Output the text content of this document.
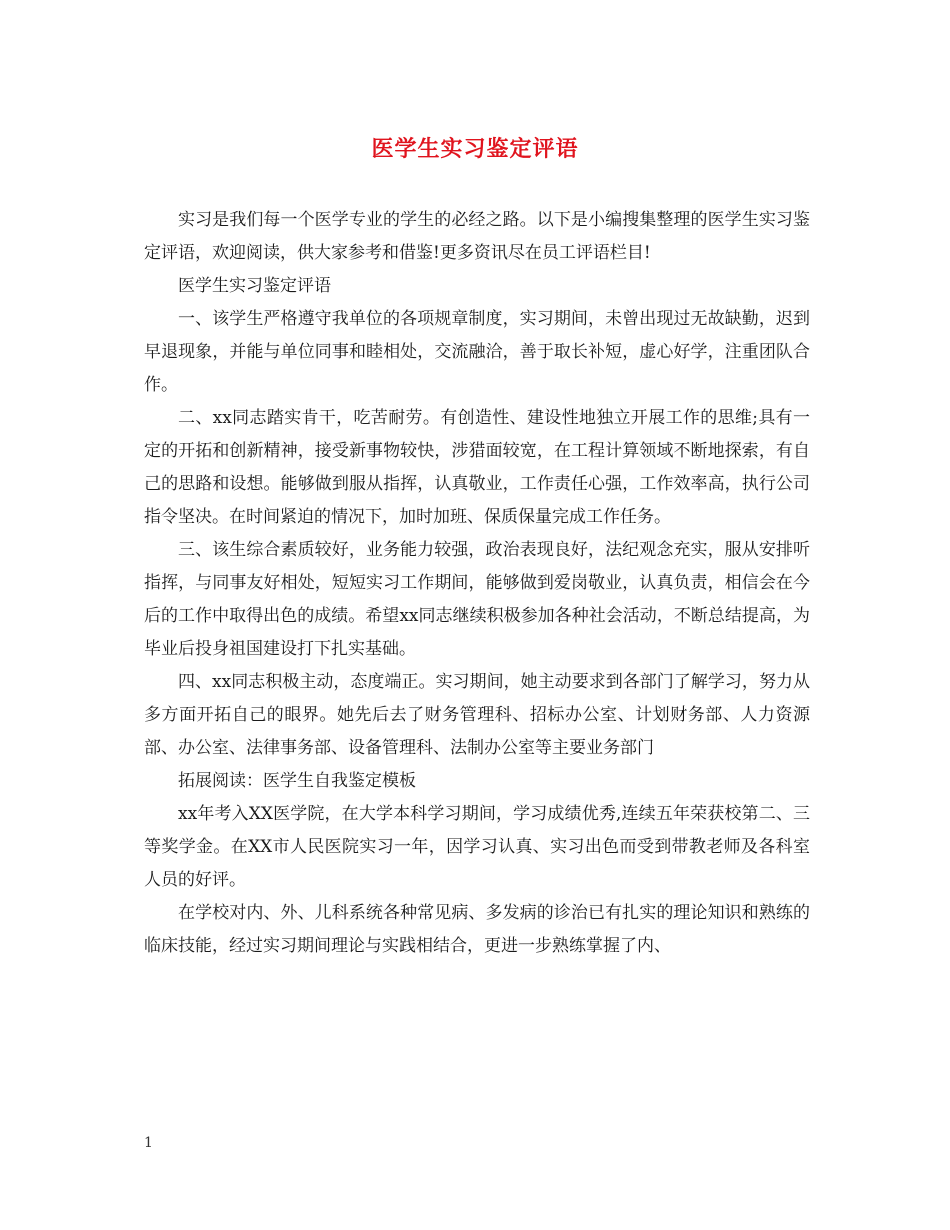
医学生实习鉴定评语

实习是我们每一个医学专业的学生的必经之路。以下是小编搜集整理的医学生实习鉴定评语，欢迎阅读，供大家参考和借鉴!更多资讯尽在员工评语栏目!

医学生实习鉴定评语

一、该学生严格遵守我单位的各项规章制度，实习期间，未曾出现过无故缺勤，迟到早退现象，并能与单位同事和睦相处，交流融洽，善于取长补短，虚心好学，注重团队合作。

二、xx同志踏实肯干，吃苦耐劳。有创造性、建设性地独立开展工作的思维;具有一定的开拓和创新精神，接受新事物较快，涉猎面较宽，在工程计算领域不断地探索，有自己的思路和设想。能够做到服从指挥，认真敬业，工作责任心强，工作效率高，执行公司指令坚决。在时间紧迫的情况下，加时加班、保质保量完成工作任务。

三、该生综合素质较好，业务能力较强，政治表现良好，法纪观念充实，服从安排听指挥，与同事友好相处，短短实习工作期间，能够做到爱岗敬业，认真负责，相信会在今后的工作中取得出色的成绩。希望xx同志继续积极参加各种社会活动，不断总结提高，为毕业后投身祖国建设打下扎实基础。

四、xx同志积极主动，态度端正。实习期间，她主动要求到各部门了解学习，努力从多方面开拓自己的眼界。她先后去了财务管理科、招标办公室、计划财务部、人力资源部、办公室、法律事务部、设备管理科、法制办公室等主要业务部门

拓展阅读：医学生自我鉴定模板

xx年考入XX医学院，在大学本科学习期间，学习成绩优秀,连续五年荣获校第二、三等奖学金。在XX市人民医院实习一年，因学习认真、实习出色而受到带教老师及各科室人员的好评。

在学校对内、外、儿科系统各种常见病、多发病的诊治已有扎实的理论知识和熟练的临床技能，经过实习期间理论与实践相结合，更进一步熟练掌握了内、

1
